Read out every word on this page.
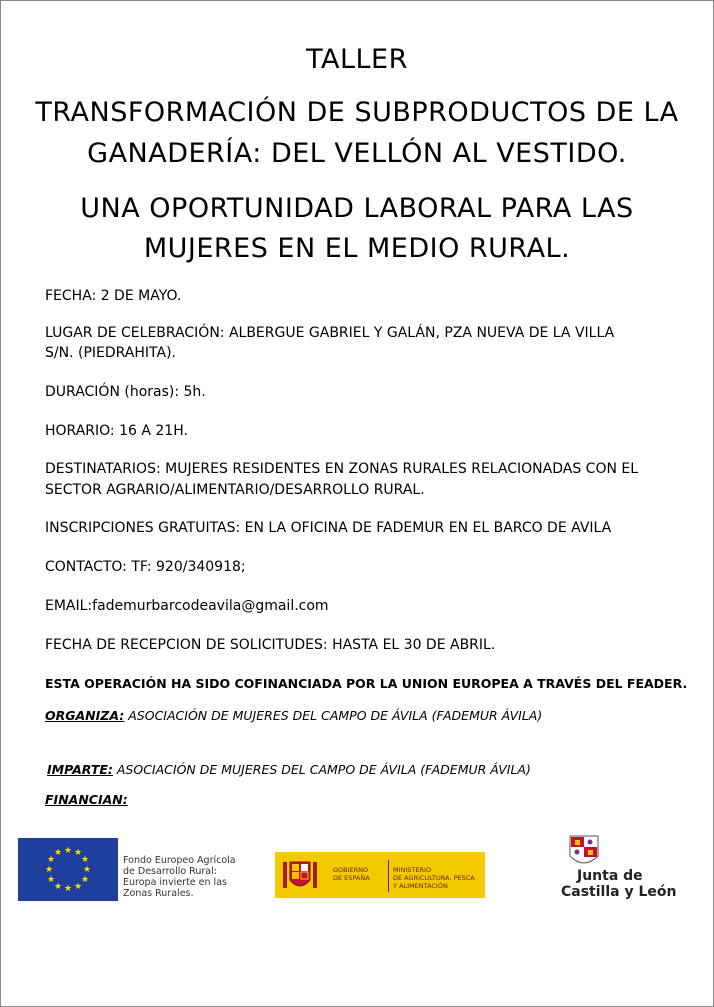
TALLER
TRANSFORMACIÓN DE SUBPRODUCTOS DE LA
GANADERÍA: DEL VELLÓN AL VESTIDO.
UNA OPORTUNIDAD LABORAL PARA LAS
MUJERES EN EL MEDIO RURAL.
FECHA: 2 DE MAYO.
LUGAR DE CELEBRACIÓN: ALBERGUE GABRIEL Y GALÁN, PZA NUEVA DE LA VILLA
S/N. (PIEDRAHITA).
DURACIÓN (horas): 5h.
HORARIO: 16 A 21H.
DESTINATARIOS: MUJERES RESIDENTES EN ZONAS RURALES RELACIONADAS CON EL
SECTOR AGRARIO/ALIMENTARIO/DESARROLLO RURAL.
INSCRIPCIONES GRATUITAS: EN LA OFICINA DE FADEMUR EN EL BARCO DE AVILA
CONTACTO: TF: 920/340918;
EMAIL:fademurbarcodeavila@gmail.com
FECHA DE RECEPCION DE SOLICITUDES: HASTA EL 30 DE ABRIL.
ESTA OPERACIÓN HA SIDO COFINANCIADA POR LA UNION EUROPEA A TRAVÉS DEL FEADER.
ORGANIZA: ASOCIACIÓN DE MUJERES DEL CAMPO DE ÁVILA (FADEMUR ÁVILA)
IMPARTE: ASOCIACIÓN DE MUJERES DEL CAMPO DE ÁVILA (FADEMUR ÁVILA)
FINANCIAN:
★ ★
★
★
★
★
★
★
★
★
★
★
Fondo Europeo Agrícola
de Desarrollo Rural:
Europa invierte en las
Zonas Rurales.
GOBIERNO
DE ESPAÑA
MINISTERIO
DE AGRICULTURA, PESCA
Y ALIMENTACIÓN
Junta de
Castilla y León
